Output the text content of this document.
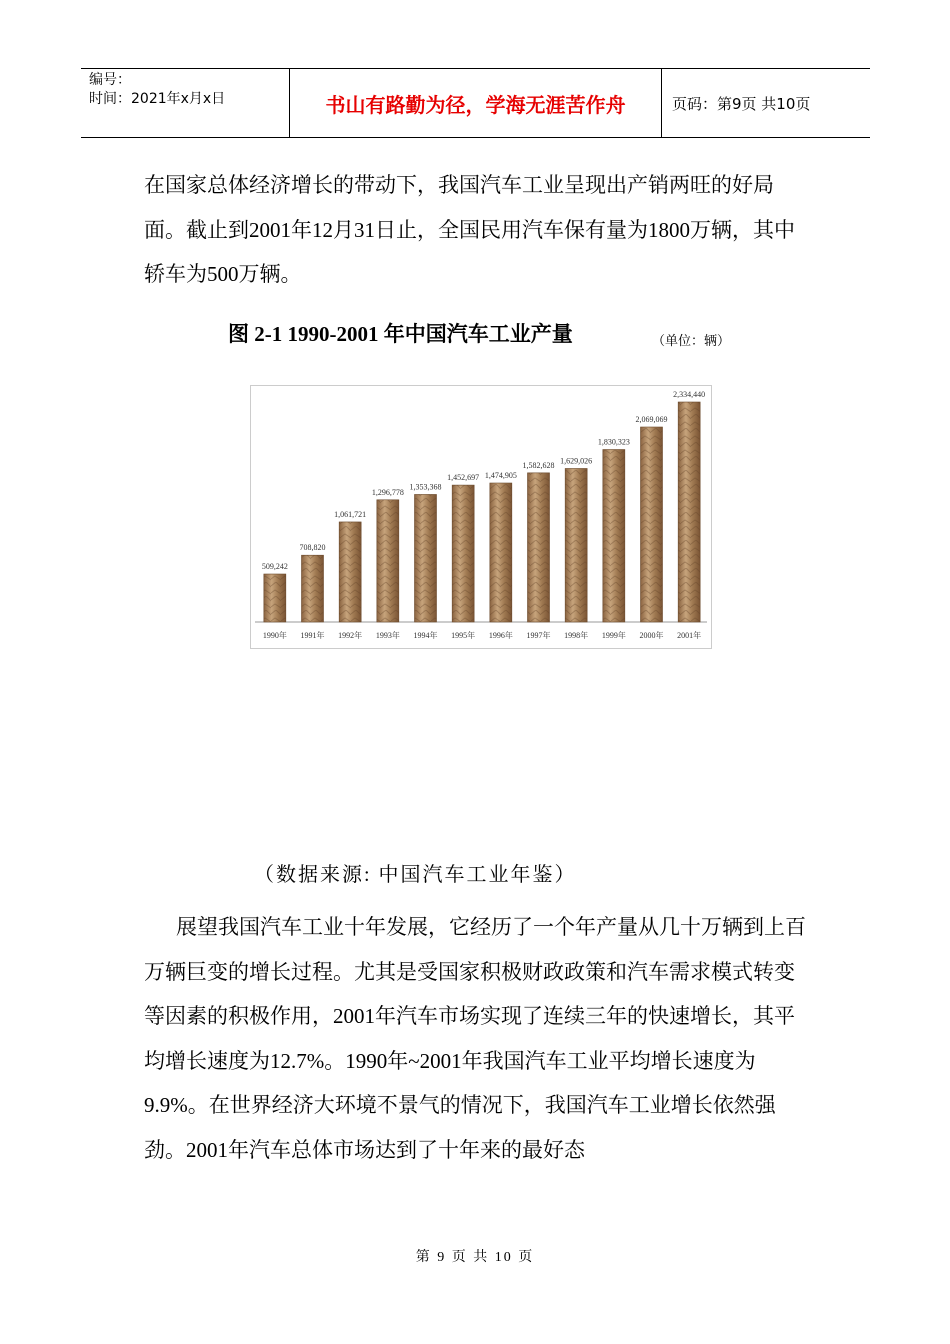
编号：
时间：2021年x月x日	书山有路勤为径，学海无涯苦作舟	页码：第9页 共10页

在国家总体经济增长的带动下，我国汽车工业呈现出产销两旺的好局面。截止到2001年12月31日止，全国民用汽车保有量为1800万辆，其中轿车为500万辆。

图 2-1 1990-2001 年中国汽车工业产量	（单位：辆）
509,242
1990年
708,820
1991年
1,061,721
1992年
1,296,778
1993年
1,353,368
1994年
1,452,697
1995年
1,474,905
1996年
1,582,628
1997年
1,629,026
1998年
1,830,323
1999年
2,069,069
2000年
2,334,440
2001年
（数据来源: 中国汽车工业年鉴）

展望我国汽车工业十年发展，它经历了一个年产量从几十万辆到上百万辆巨变的增长过程。尤其是受国家积极财政政策和汽车需求模式转变等因素的积极作用，2001年汽车市场实现了连续三年的快速增长，其平均增长速度为12.7%。1990年~2001年我国汽车工业平均增长速度为9.9%。在世界经济大环境不景气的情况下，我国汽车工业增长依然强劲。2001年汽车总体市场达到了十年来的最好态

第 9 页 共 10 页
